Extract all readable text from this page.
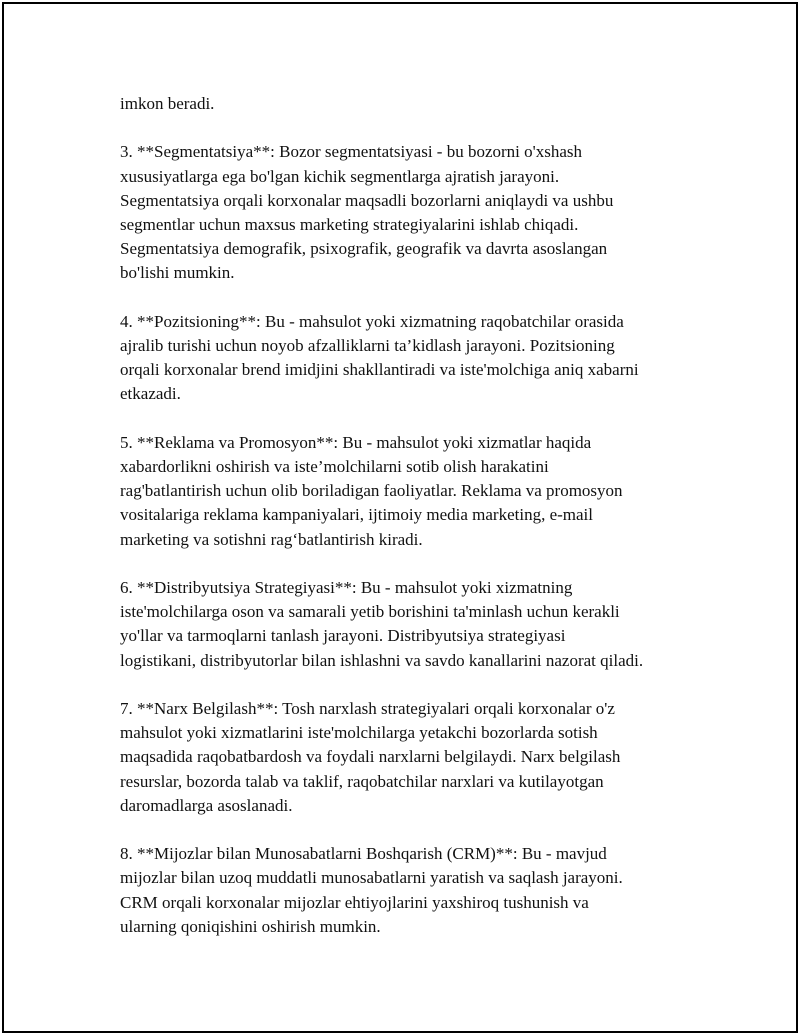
imkon beradi.

3. **Segmentatsiya**: Bozor segmentatsiyasi - bu bozorni o'xshash
xususiyatlarga ega bo'lgan kichik segmentlarga ajratish jarayoni.
Segmentatsiya orqali korxonalar maqsadli bozorlarni aniqlaydi va ushbu
segmentlar uchun maxsus marketing strategiyalarini ishlab chiqadi.
Segmentatsiya demografik, psixografik, geografik va davrta asoslangan
bo'lishi mumkin.

4. **Pozitsioning**: Bu - mahsulot yoki xizmatning raqobatchilar orasida
ajralib turishi uchun noyob afzalliklarni ta’kidlash jarayoni. Pozitsioning
orqali korxonalar brend imidjini shakllantiradi va iste'molchiga aniq xabarni
etkazadi.

5. **Reklama va Promosyon**: Bu - mahsulot yoki xizmatlar haqida
xabardorlikni oshirish va iste’molchilarni sotib olish harakatini
rag'batlantirish uchun olib boriladigan faoliyatlar. Reklama va promosyon
vositalariga reklama kampaniyalari, ijtimoiy media marketing, e-mail
marketing va sotishni rag‘batlantirish kiradi.

6. **Distribyutsiya Strategiyasi**: Bu - mahsulot yoki xizmatning
iste'molchilarga oson va samarali yetib borishini ta'minlash uchun kerakli
yo'llar va tarmoqlarni tanlash jarayoni. Distribyutsiya strategiyasi
logistikani, distribyutorlar bilan ishlashni va savdo kanallarini nazorat qiladi.

7. **Narx Belgilash**: Tosh narxlash strategiyalari orqali korxonalar o'z
mahsulot yoki xizmatlarini iste'molchilarga yetakchi bozorlarda sotish
maqsadida raqobatbardosh va foydali narxlarni belgilaydi. Narx belgilash
resurslar, bozorda talab va taklif, raqobatchilar narxlari va kutilayotgan
daromadlarga asoslanadi.

8. **Mijozlar bilan Munosabatlarni Boshqarish (CRM)**: Bu - mavjud
mijozlar bilan uzoq muddatli munosabatlarni yaratish va saqlash jarayoni.
CRM orqali korxonalar mijozlar ehtiyojlarini yaxshiroq tushunish va
ularning qoniqishini oshirish mumkin.
